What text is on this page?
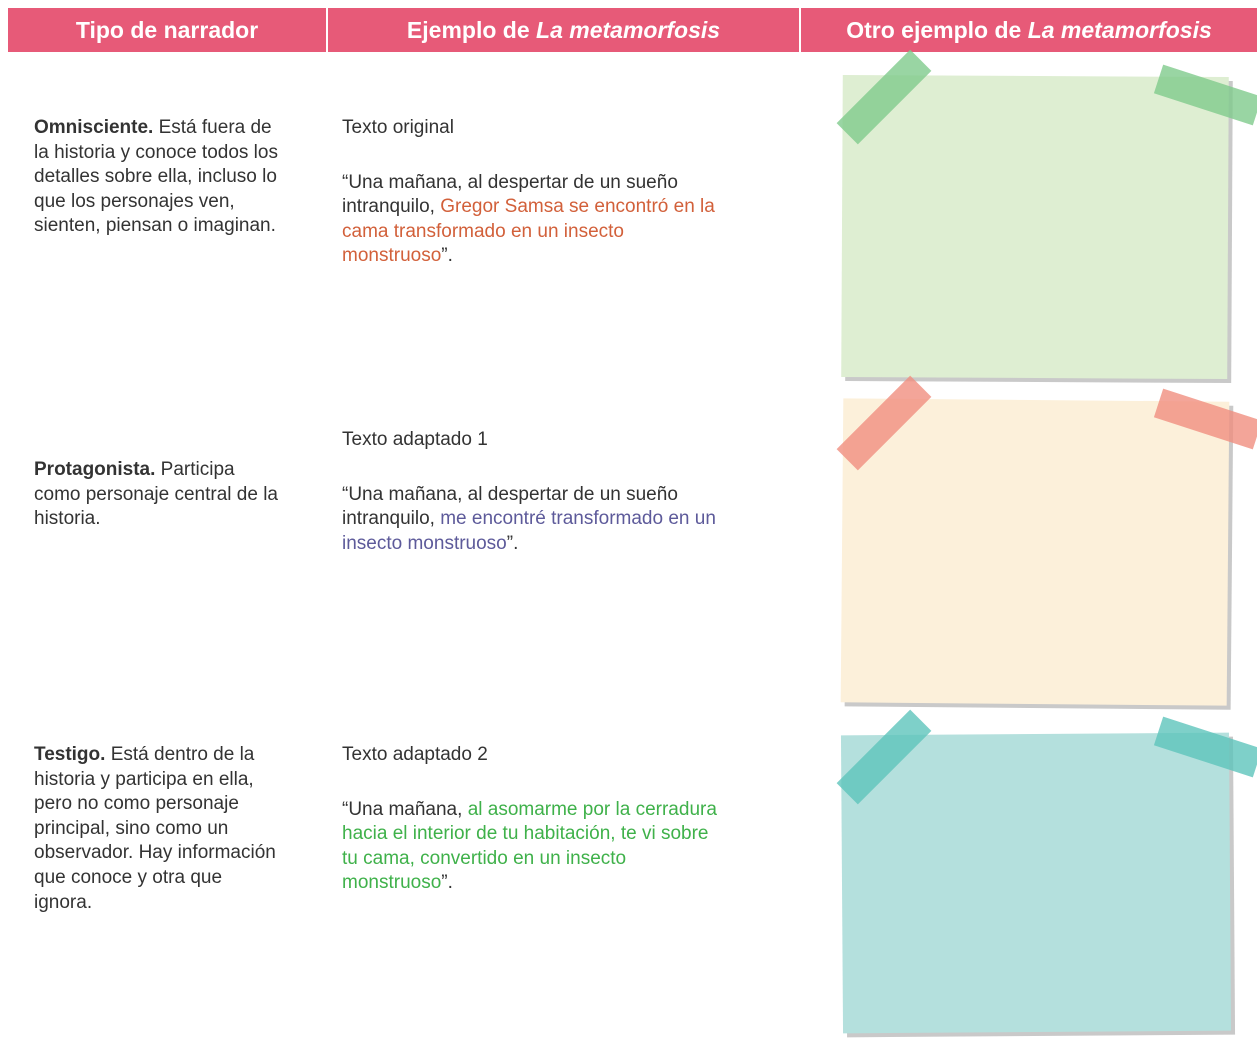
Tipo de narrador	Ejemplo de La metamorfosis	Otro ejemplo de La metamorfosis
Omnisciente. Está fuera de la historia y conoce todos los detalles sobre ella, incluso lo que los personajes ven, sienten, piensan o imaginan.
Texto original
“Una mañana, al despertar de un sueño intranquilo, Gregor Samsa se encontró en la cama transformado en un insecto monstruoso”.
Protagonista. Participa como personaje central de la historia.
Texto adaptado 1
“Una mañana, al despertar de un sueño intranquilo, me encontré transformado en un insecto monstruoso”.
Testigo. Está dentro de la historia y participa en ella, pero no como personaje principal, sino como un observador. Hay información que conoce y otra que ignora.
Texto adaptado 2
“Una mañana, al asomarme por la cerradura hacia el interior de tu habitación, te vi sobre tu cama, convertido en un insecto monstruoso”.
